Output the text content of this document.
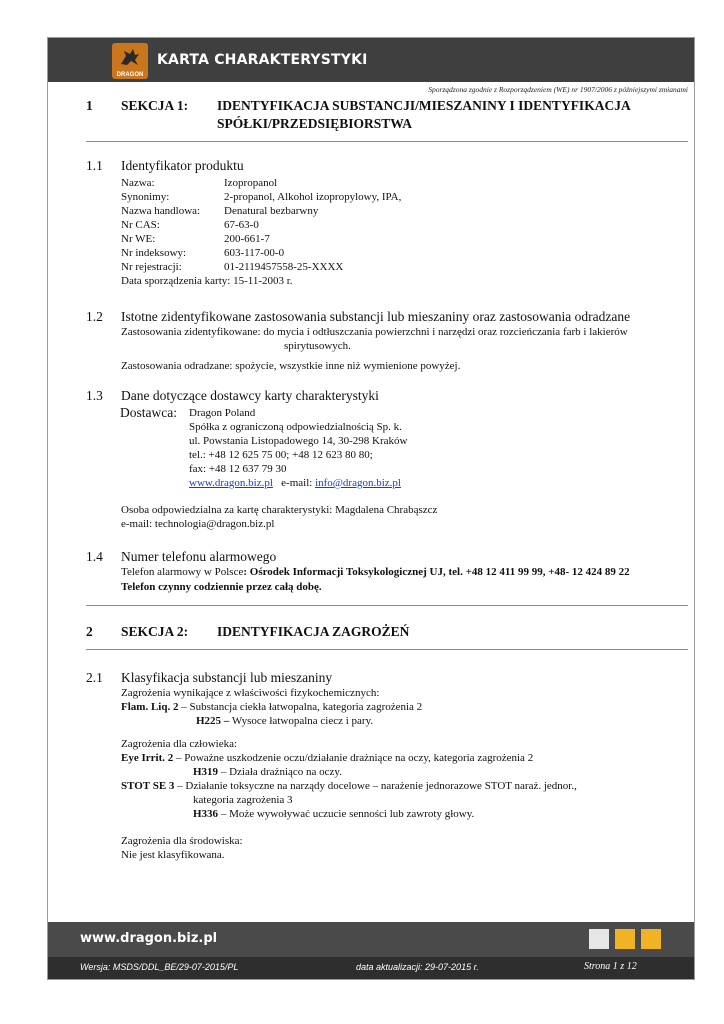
DRAGON
KARTA CHARAKTERYSTYKI
Sporządzona zgodnie z Rozporządzeniem (WE) nr 1907/2006 z późniejszymi zmianami
1 SEKCJA 1: IDENTYFIKACJA SUBSTANCJI/MIESZANINY I IDENTYFIKACJA
SPÓŁKI/PRZEDSIĘBIORSTWA
1.1 Identyfikator produktu
Nazwa:	Izopropanol
Synonimy:	2-propanol, Alkohol izopropylowy, IPA,
Nazwa handlowa: Denatural bezbarwny
Nr CAS:	67-63-0
Nr WE:	200-661-7
Nr indeksowy:	603-117-00-0
Nr rejestracji:	01-2119457558-25-XXXX
Data sporządzenia karty: 15-11-2003 r.
1.2 Istotne zidentyfikowane zastosowania substancji lub mieszaniny oraz zastosowania odradzane
Zastosowania zidentyfikowane: do mycia i odtłuszczania powierzchni i narzędzi oraz rozcieńczania farb i lakierów
spirytusowych.
Zastosowania odradzane: spożycie, wszystkie inne niż wymienione powyżej.
1.3 Dane dotyczące dostawcy karty charakterystyki
Dostawca: Dragon Poland
Spółka z ograniczoną odpowiedzialnością Sp. k.
ul. Powstania Listopadowego 14, 30-298 Kraków
tel.: +48 12 625 75 00; +48 12 623 80 80;
fax: +48 12 637 79 30
www.dragon.biz.pl e-mail: info@dragon.biz.pl
Osoba odpowiedzialna za kartę charakterystyki: Magdalena Chrabąszcz
e-mail: technologia@dragon.biz.pl
1.4 Numer telefonu alarmowego
Telefon alarmowy w Polsce: Ośrodek Informacji Toksykologicznej UJ, tel. +48 12 411 99 99, +48- 12 424 89 22
Telefon czynny codziennie przez całą dobę.
2 SEKCJA 2: IDENTYFIKACJA ZAGROŻEŃ
2.1 Klasyfikacja substancji lub mieszaniny
Zagrożenia wynikające z właściwości fizykochemicznych:
Flam. Liq. 2 – Substancja ciekła łatwopalna, kategoria zagrożenia 2
H225 – Wysoce łatwopalna ciecz i pary.
Zagrożenia dla człowieka:
Eye Irrit. 2 – Poważne uszkodzenie oczu/działanie drażniące na oczy, kategoria zagrożenia 2
H319 – Działa drażniąco na oczy.
STOT SE 3 – Działanie toksyczne na narządy docelowe – narażenie jednorazowe STOT naraż. jednor.,
kategoria zagrożenia 3
H336 – Może wywoływać uczucie senności lub zawroty głowy.
Zagrożenia dla środowiska:
Nie jest klasyfikowana.
www.dragon.biz.pl
Wersja: MSDS/DDL_BE/29-07-2015/PL	data aktualizacji: 29-07-2015 r.	Strona 1 z 12
